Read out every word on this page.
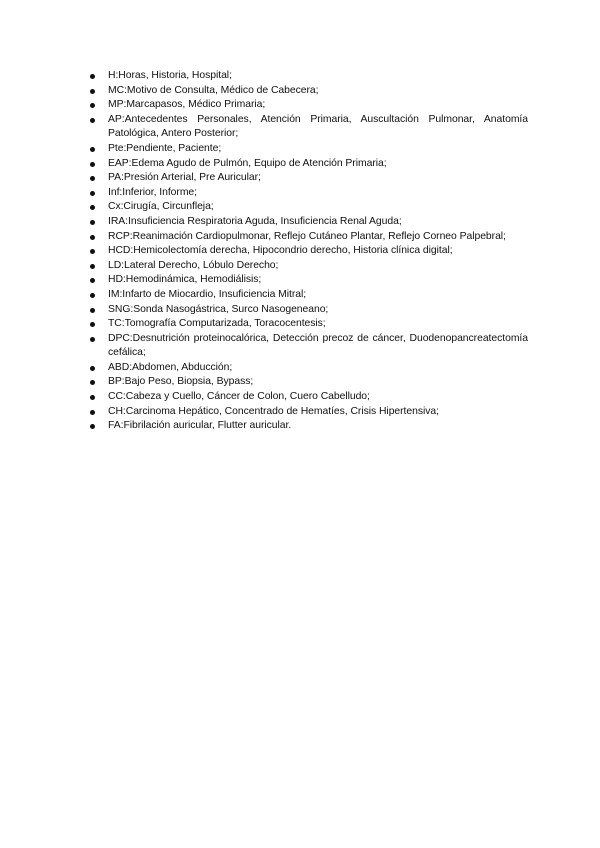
H:Horas, Historia, Hospital;
MC:Motivo de Consulta, Médico de Cabecera;
MP:Marcapasos, Médico Primaria;
AP:Antecedentes Personales, Atención Primaria, Auscultación Pulmonar, Anatomía Patológica, Antero Posterior;
Pte:Pendiente, Paciente;
EAP:Edema Agudo de Pulmón, Equipo de Atención Primaria;
PA:Presión Arterial, Pre Auricular;
Inf:Inferior, Informe;
Cx:Cirugía, Circunfleja;
IRA:Insuficiencia Respiratoria Aguda, Insuficiencia Renal Aguda;
RCP:Reanimación Cardiopulmonar, Reflejo Cutáneo Plantar, Reflejo Corneo Palpebral;
HCD:Hemicolectomía derecha, Hipocondrio derecho, Historia clínica digital;
LD:Lateral Derecho, Lóbulo Derecho;
HD:Hemodinámica, Hemodiálisis;
IM:Infarto de Miocardio, Insuficiencia Mitral;
SNG:Sonda Nasogástrica, Surco Nasogeneano;
TC:Tomografía Computarizada, Toracocentesis;
DPC:Desnutrición proteinocalórica, Detección precoz de cáncer, Duodenopancreatectomía cefálica;
ABD:Abdomen, Abducción;
BP:Bajo Peso, Biopsia, Bypass;
CC:Cabeza y Cuello, Cáncer de Colon, Cuero Cabelludo;
CH:Carcinoma Hepático, Concentrado de Hematíes, Crisis Hipertensiva;
FA:Fibrilación auricular, Flutter auricular.
